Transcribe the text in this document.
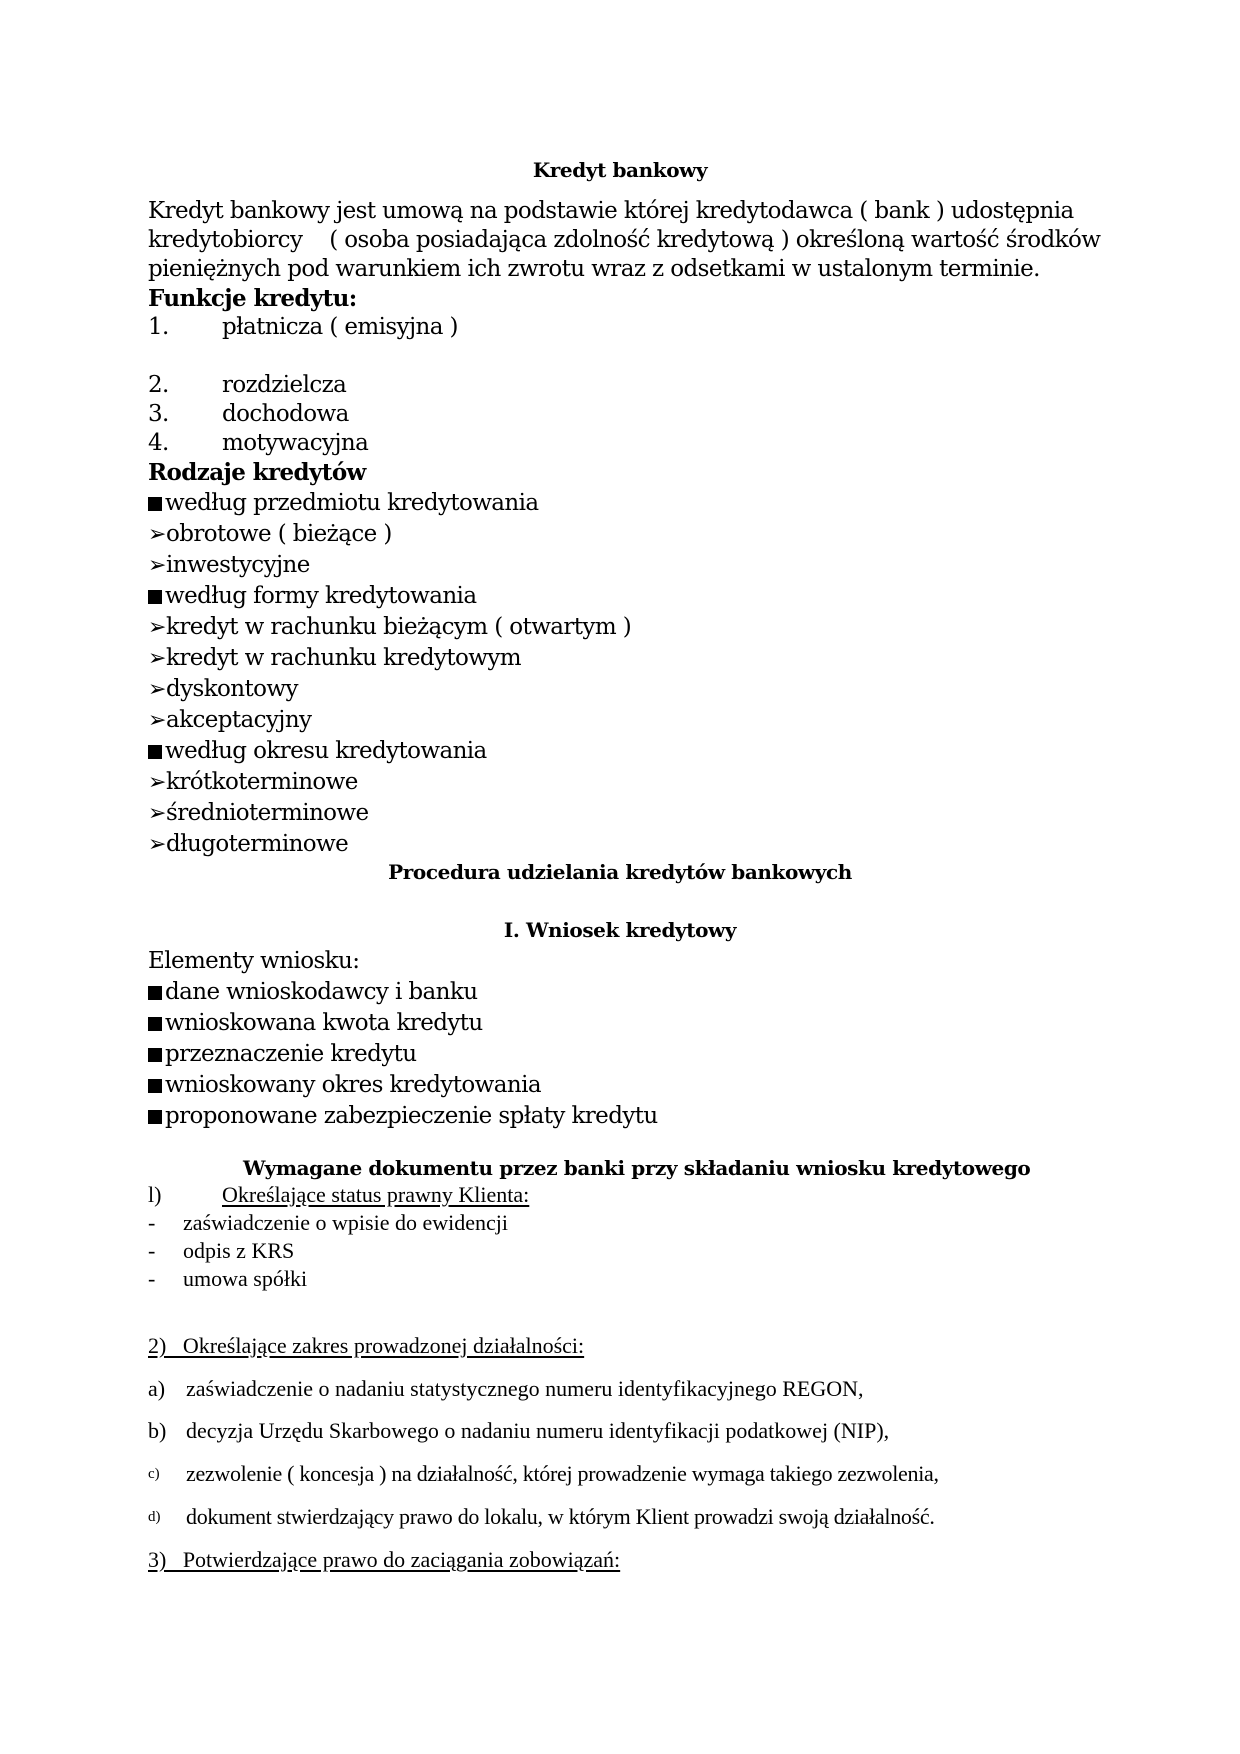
Kredyt bankowy
Kredyt bankowy jest umową na podstawie której kredytodawca ( bank ) udostępnia
kredytobiorcy    ( osoba posiadająca zdolność kredytową ) określoną wartość środków
pieniężnych pod warunkiem ich zwrotu wraz z odsetkami w ustalonym terminie.
Funkcje kredytu:
1. płatnicza ( emisyjna )
2. rozdzielcza
3. dochodowa
4. motywacyjna
Rodzaje kredytów
według przedmiotu kredytowania
➢obrotowe ( bieżące )
➢inwestycyjne
według formy kredytowania
➢kredyt w rachunku bieżącym ( otwartym )
➢kredyt w rachunku kredytowym
➢dyskontowy
➢akceptacyjny
według okresu kredytowania
➢krótkoterminowe
➢średnioterminowe
➢długoterminowe
Procedura udzielania kredytów bankowych
I. Wniosek kredytowy
Elementy wniosku:
dane wnioskodawcy i banku
wnioskowana kwota kredytu
przeznaczenie kredytu
wnioskowany okres kredytowania
proponowane zabezpieczenie spłaty kredytu
Wymagane dokumentu przez banki przy składaniu wniosku kredytowego
l)	Określające status prawny Klienta:
- zaświadczenie o wpisie do ewidencji
- odpis z KRS
- umowa spółki
2)   Określające zakres prowadzonej działalności:
a) zaświadczenie o nadaniu statystycznego numeru identyfikacyjnego REGON,
b) decyzja Urzędu Skarbowego o nadaniu numeru identyfikacji podatkowej (NIP),
c) zezwolenie ( koncesja ) na działalność, której prowadzenie wymaga takiego zezwolenia,
d) dokument stwierdzający prawo do lokalu, w którym Klient prowadzi swoją działalność.
3)   Potwierdzające prawo do zaciągania zobowiązań:
